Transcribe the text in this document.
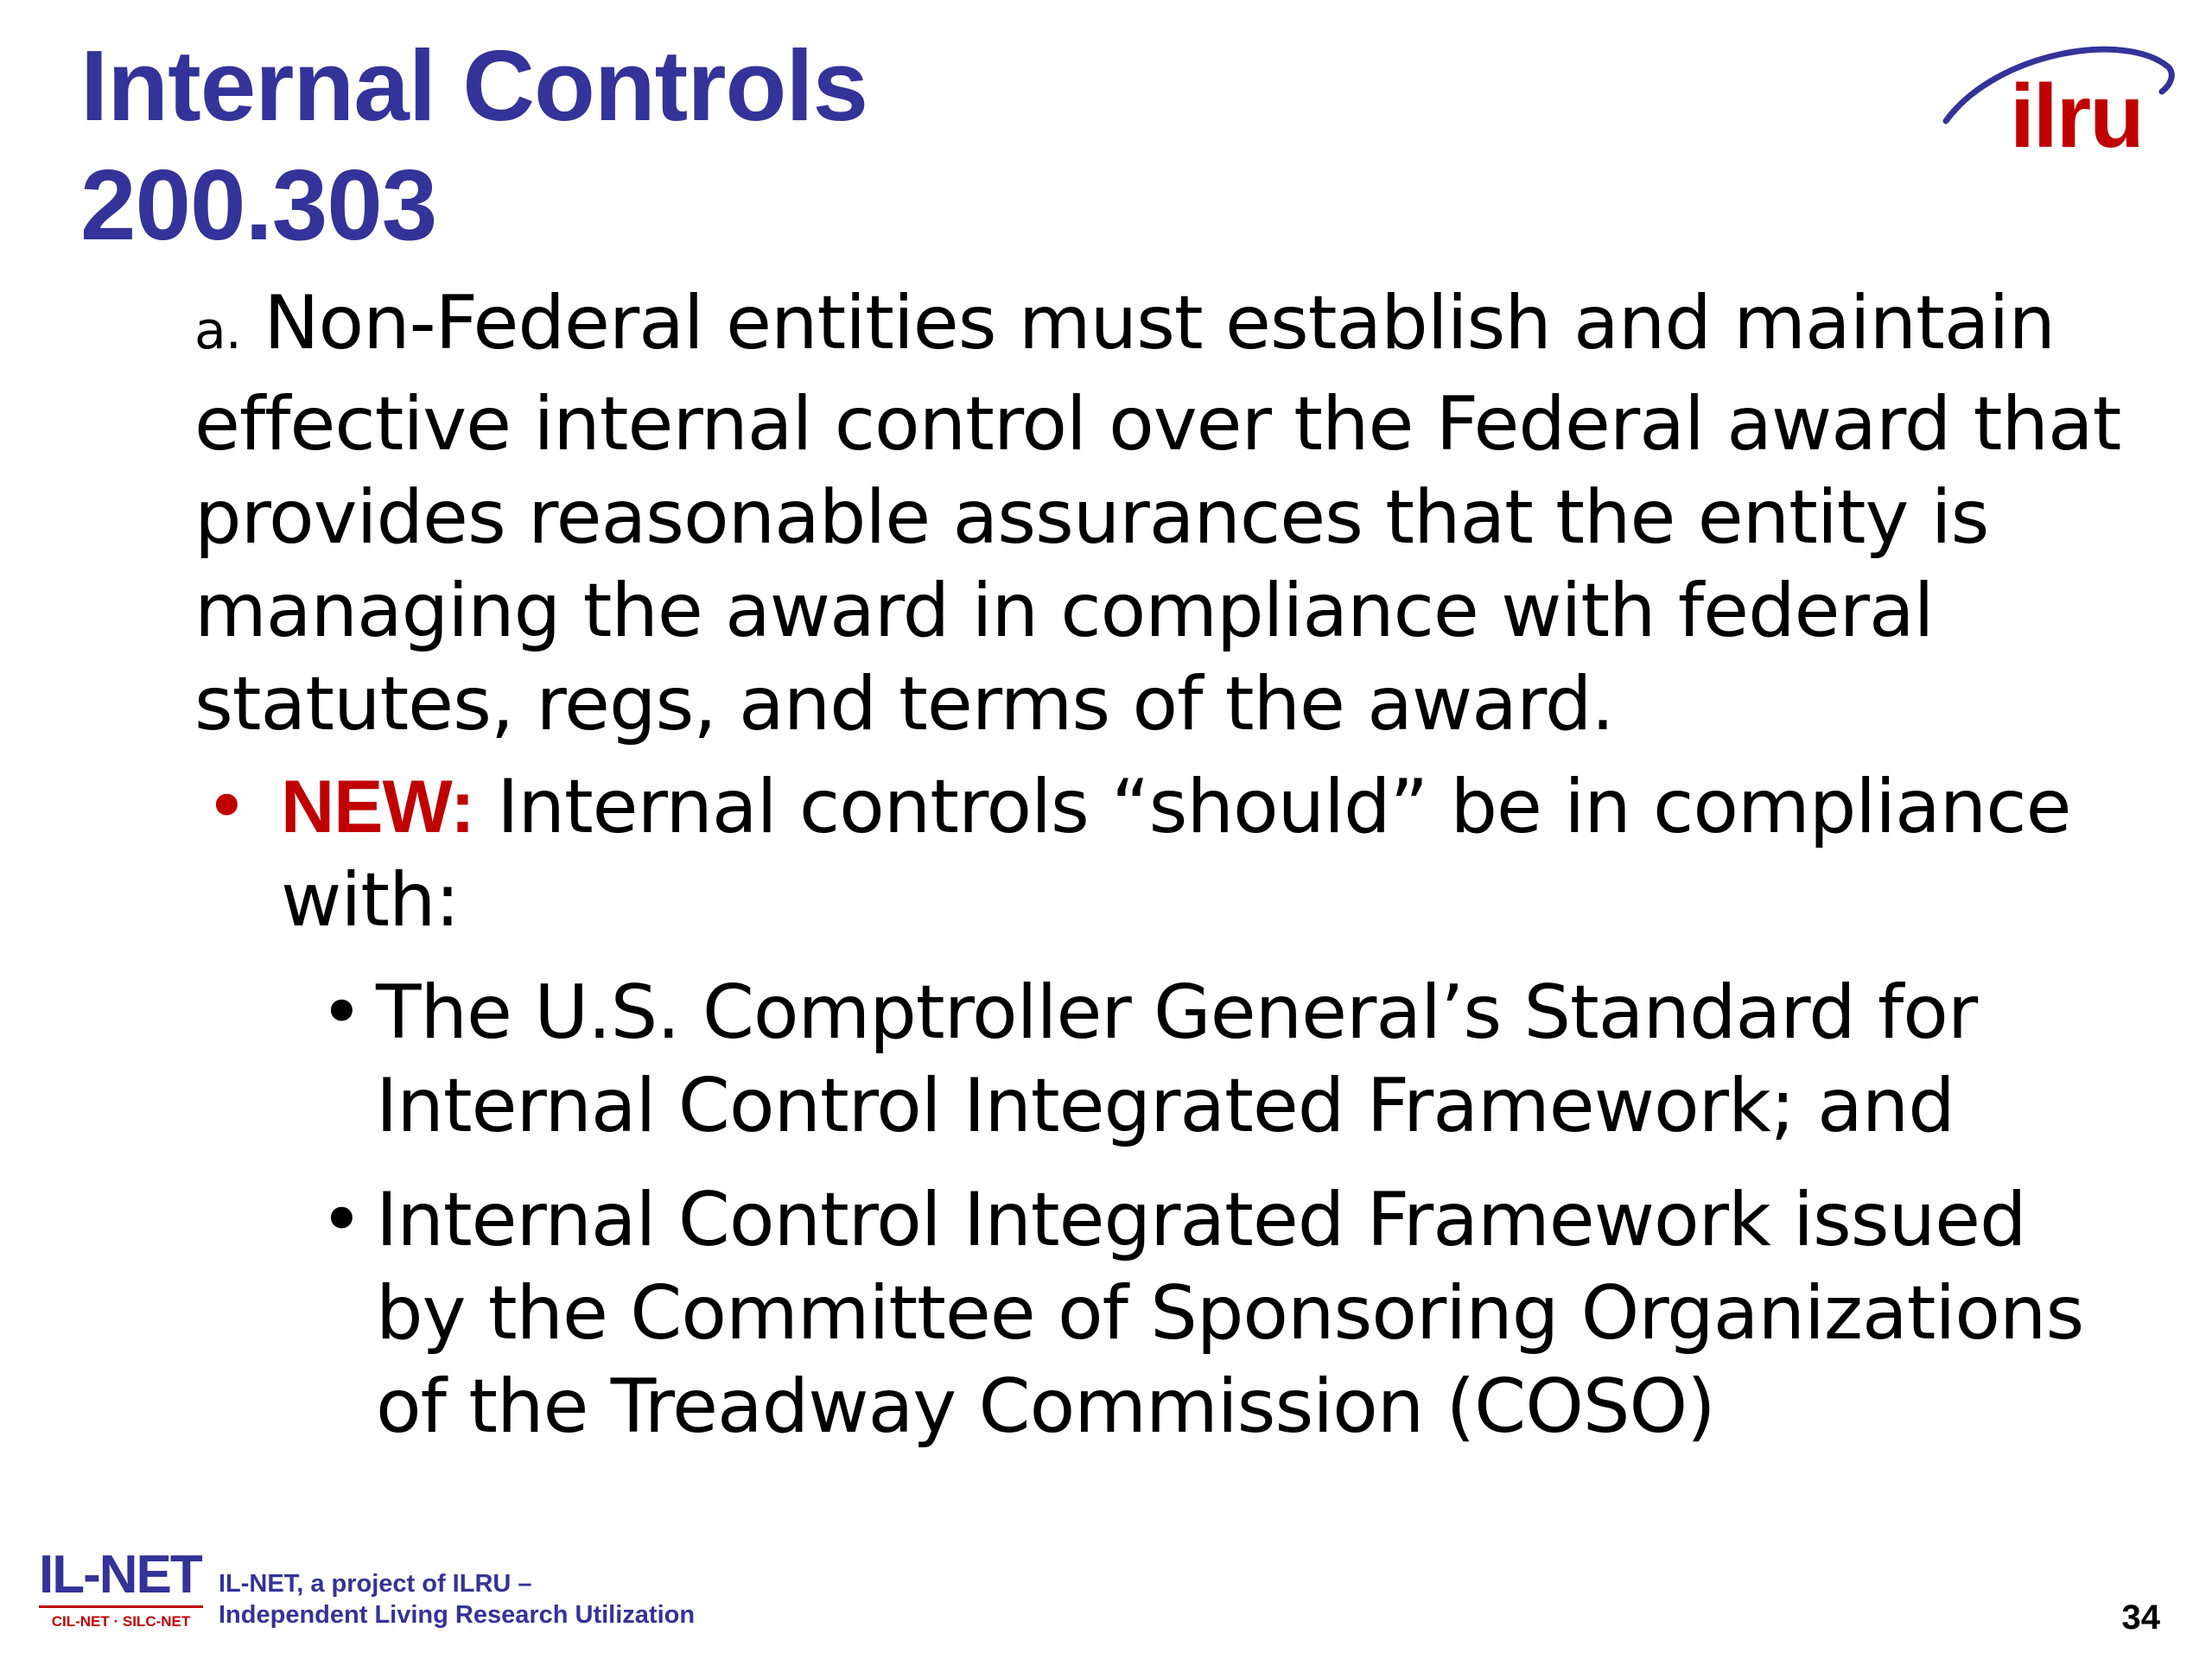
Internal Controls
200.303
ilru
a. Non-Federal entities must establish and maintain effective internal control over the Federal award that provides reasonable assurances that the entity is managing the award in compliance with federal statutes, regs, and terms of the award.
• NEW: Internal controls “should” be in compliance with:
• The U.S. Comptroller General’s Standard for Internal Control Integrated Framework; and
• Internal Control Integrated Framework issued by the Committee of Sponsoring Organizations of the Treadway Commission (COSO)
IL-NET
CIL-NET · SILC-NET
IL-NET, a project of ILRU –
Independent Living Research Utilization	34
